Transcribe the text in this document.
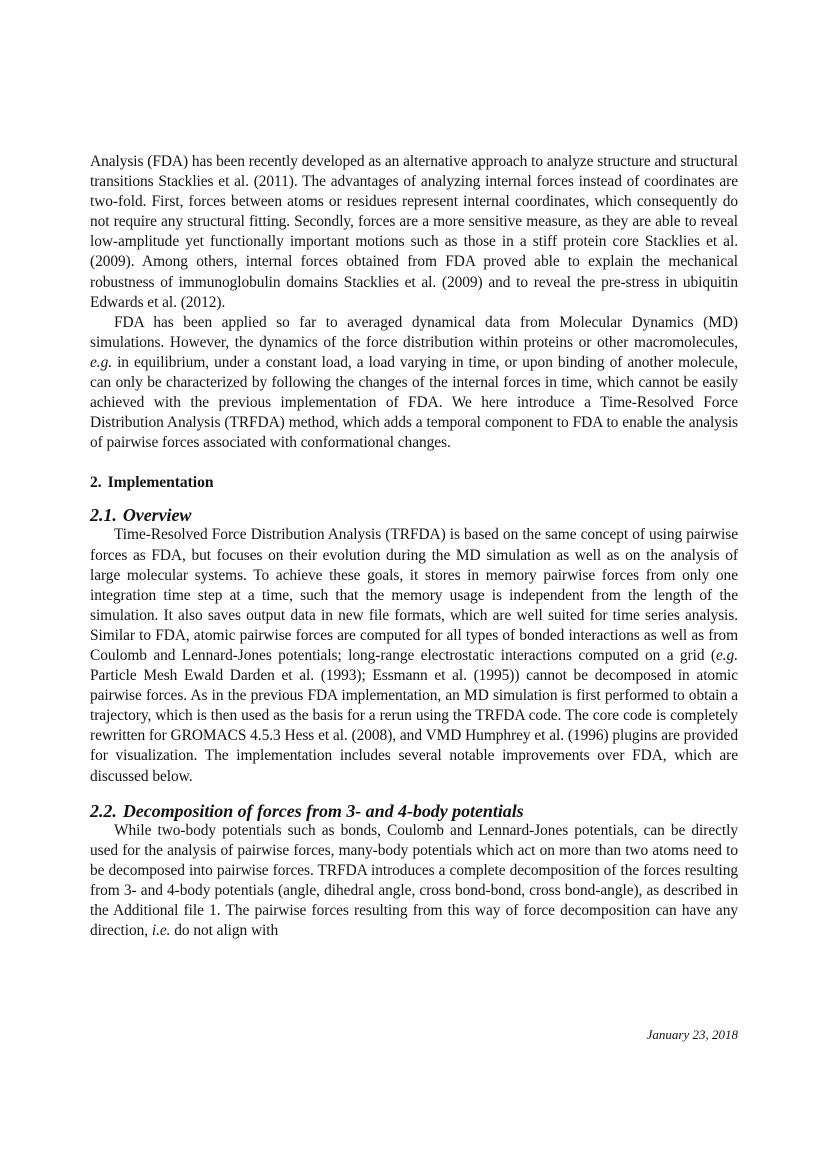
Analysis (FDA) has been recently developed as an alternative approach to analyze structure and structural transitions Stacklies et al. (2011). The advantages of analyzing internal forces instead of coordinates are two-fold. First, forces between atoms or residues represent internal coordinates, which consequently do not require any structural fitting. Secondly, forces are a more sensitive measure, as they are able to reveal low-amplitude yet functionally important motions such as those in a stiff protein core Stacklies et al. (2009). Among others, internal forces obtained from FDA proved able to explain the mechanical robustness of immunoglobulin domains Stacklies et al. (2009) and to reveal the pre-stress in ubiquitin Edwards et al. (2012).

FDA has been applied so far to averaged dynamical data from Molecular Dynamics (MD) simulations. However, the dynamics of the force distribution within proteins or other macromolecules, e.g. in equilibrium, under a constant load, a load varying in time, or upon binding of another molecule, can only be characterized by following the changes of the internal forces in time, which cannot be easily achieved with the previous implementation of FDA. We here introduce a Time-Resolved Force Distribution Analysis (TRFDA) method, which adds a temporal component to FDA to enable the analysis of pairwise forces associated with conformational changes.

2. Implementation
2.1. Overview

Time-Resolved Force Distribution Analysis (TRFDA) is based on the same concept of using pairwise forces as FDA, but focuses on their evolution during the MD simulation as well as on the analysis of large molecular systems. To achieve these goals, it stores in memory pairwise forces from only one integration time step at a time, such that the memory usage is independent from the length of the simulation. It also saves output data in new file formats, which are well suited for time series analysis. Similar to FDA, atomic pairwise forces are computed for all types of bonded interactions as well as from Coulomb and Lennard-Jones potentials; long-range electrostatic interactions computed on a grid (e.g. Particle Mesh Ewald Darden et al. (1993); Essmann et al. (1995)) cannot be decomposed in atomic pairwise forces. As in the previous FDA implementation, an MD simulation is first performed to obtain a trajectory, which is then used as the basis for a rerun using the TRFDA code. The core code is completely rewritten for GROMACS 4.5.3 Hess et al. (2008), and VMD Humphrey et al. (1996) plugins are provided for visualization. The implementation includes several notable improvements over FDA, which are discussed below.

2.2. Decomposition of forces from 3- and 4-body potentials

While two-body potentials such as bonds, Coulomb and Lennard-Jones potentials, can be directly used for the analysis of pairwise forces, many-body potentials which act on more than two atoms need to be decomposed into pairwise forces. TRFDA introduces a complete decomposition of the forces resulting from 3- and 4-body potentials (angle, dihedral angle, cross bond-bond, cross bond-angle), as described in the Additional file 1. The pairwise forces resulting from this way of force decomposition can have any direction, i.e. do not align with

January 23, 2018
